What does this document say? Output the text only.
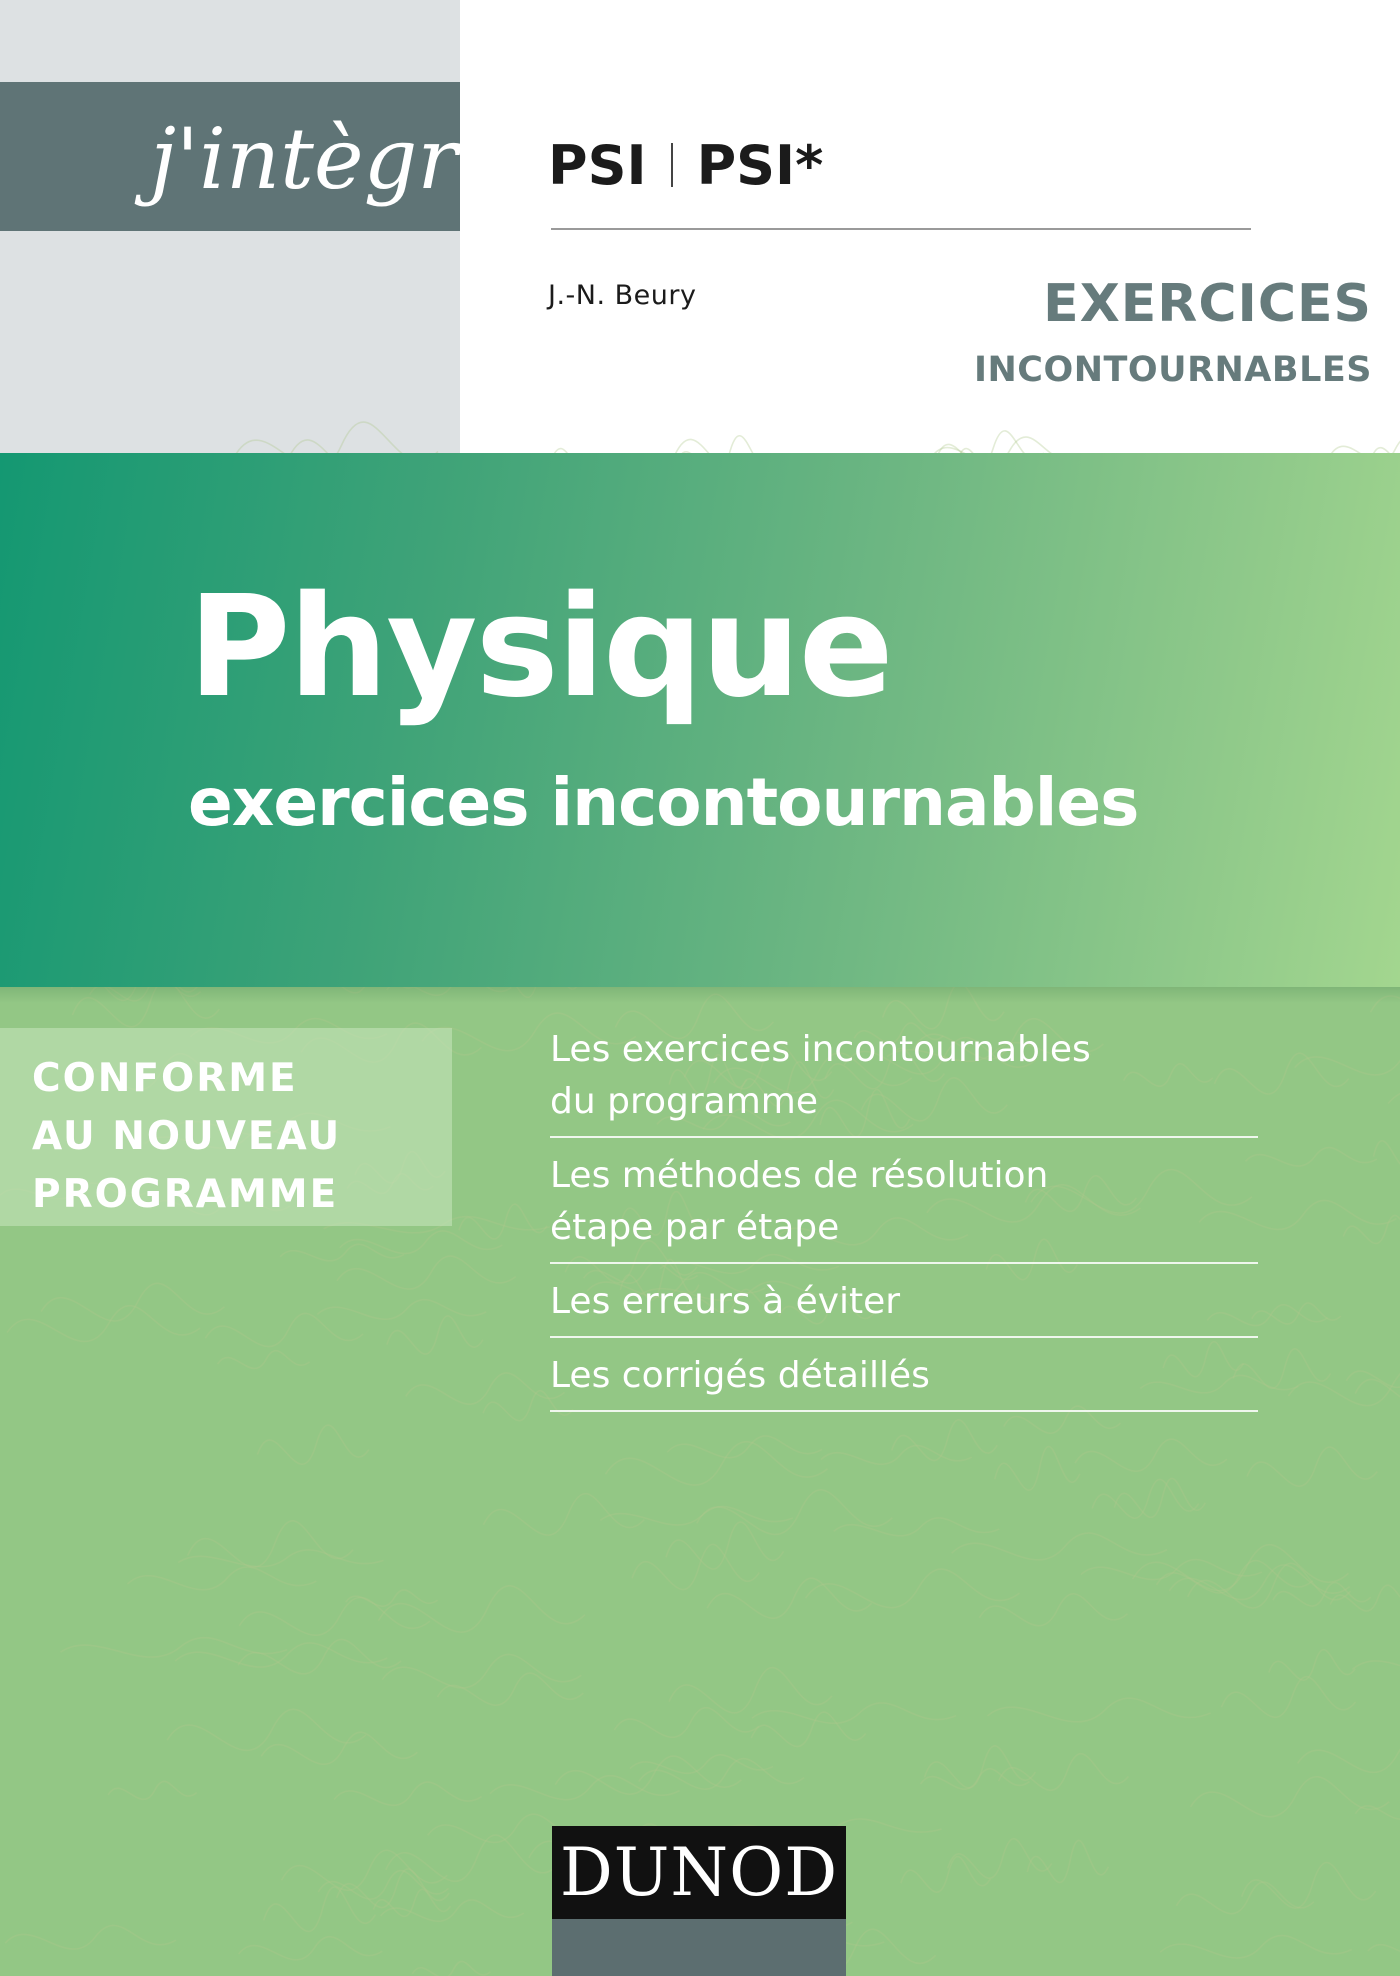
j'intègre
EXERCICES
INCONTOURNABLES
PSI PSI*
J.-N. Beury
Physique
exercices incontournables
CONFORME
AU NOUVEAU
PROGRAMME
Les exercices incontournables
du programme
Les méthodes de résolution
étape par étape
Les erreurs à éviter
Les corrigés détaillés
DUNOD
